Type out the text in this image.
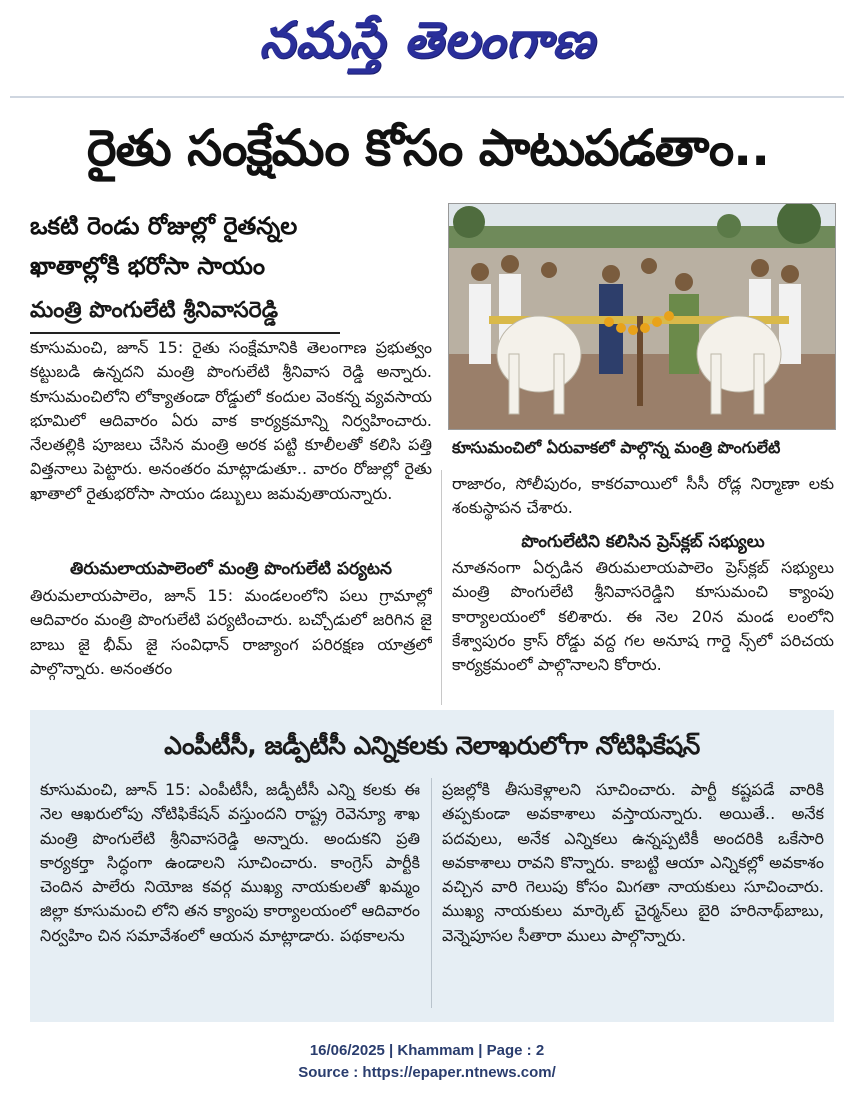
నమస్తే తెలంగాణ
రైతు సంక్షేమం కోసం పాటుపడతాం..
ఒకటి రెండు రోజుల్లో రైతన్నల
ఖాతాల్లోకి భరోసా సాయం
మంత్రి పొంగులేటి శ్రీనివాసరెడ్డి
కూసుమంచిలో ఏరువాకలో పాల్గొన్న మంత్రి పొంగులేటి

కూసుమంచి, జూన్ 15: రైతు సంక్షేమానికి తెలంగాణ ప్రభుత్వం కట్టుబడి ఉన్నదని మంత్రి పొంగులేటి శ్రీనివాస రెడ్డి అన్నారు. కూసుమంచిలోని లోక్యాతండా రోడ్డులో కందుల వెంకన్న వ్యవసాయ భూమిలో ఆదివారం ఏరు వాక కార్యక్రమాన్ని నిర్వహించారు. నేలతల్లికి పూజలు చేసిన మంత్రి అరక పట్టి కూలీలతో కలిసి పత్తి విత్తనాలు పెట్టారు. అనంతరం మాట్లాడుతూ.. వారం రోజుల్లో రైతు ఖాతాలో రైతుభరోసా సాయం డబ్బులు జమవుతాయన్నారు.

రాజారం, సోలీపురం, కాకరవాయిలో సీసీ రోడ్ల నిర్మాణా లకు శంకుస్థాపన చేశారు.

తిరుమలాయపాలెంలో మంత్రి పొంగులేటి పర్యటన

తిరుమలాయపాలెం, జూన్ 15: మండలంలోని పలు గ్రామాల్లో ఆదివారం మంత్రి పొంగులేటి పర్యటించారు. బచ్చోడులో జరిగిన జై బాబు జై భీమ్ జై సంవిధాన్ రాజ్యాంగ పరిరక్షణ యాత్రలో పాల్గొన్నారు. అనంతరం

పొంగులేటిని కలిసిన ప్రెస్‌క్లబ్ సభ్యులు

నూతనంగా ఏర్పడిన తిరుమలాయపాలెం ప్రెస్‌క్లబ్ సభ్యులు మంత్రి పొంగులేటి శ్రీనివాసరెడ్డిని కూసుమంచి క్యాంపు కార్యాలయంలో కలిశారు. ఈ నెల 20న మండ లంలోని కేశ్వాపురం క్రాస్ రోడ్డు వద్ద గల అనూష గార్డె న్స్‌లో పరిచయ కార్యక్రమంలో పాల్గొనాలని కోరారు.

ఎంపీటీసీ, జడ్పీటీసీ ఎన్నికలకు నెలాఖరులోగా నోటిఫికేషన్

కూసుమంచి, జూన్ 15: ఎంపీటీసీ, జడ్పీటీసీ ఎన్ని కలకు ఈ నెల ఆఖరులోపు నోటిఫికేషన్ వస్తుందని రాష్ట్ర రెవెన్యూ శాఖ మంత్రి పొంగులేటి శ్రీనివాసరెడ్డి అన్నారు. అందుకని ప్రతి కార్యకర్తా సిద్ధంగా ఉండాలని సూచించారు. కాంగ్రెస్ పార్టీకి చెందిన పాలేరు నియోజ కవర్గ ముఖ్య నాయకులతో ఖమ్మం జిల్లా కూసుమంచి లోని తన క్యాంపు కార్యాలయంలో ఆదివారం నిర్వహిం చిన సమావేశంలో ఆయన మాట్లాడారు. పథకాలను

ప్రజల్లోకి తీసుకెళ్లాలని సూచించారు. పార్టీ కష్టపడే వారికి తప్పకుండా అవకాశాలు వస్తాయన్నారు. అయితే.. అనేక పదవులు, అనేక ఎన్నికలు ఉన్నప్పటికీ అందరికి ఒకేసారి అవకాశాలు రావని కొన్నారు. కాబట్టి ఆయా ఎన్నికల్లో అవకాశం వచ్చిన వారి గెలుపు కోసం మిగతా నాయకులు సూచించారు. ముఖ్య నాయకులు మార్కెట్ చైర్మన్‌లు బైరి హరినాథ్‌బాబు, వెన్నెపూసల సీతారా ములు పాల్గొన్నారు.

16/06/2025 | Khammam | Page : 2
Source : https://epaper.ntnews.com/
